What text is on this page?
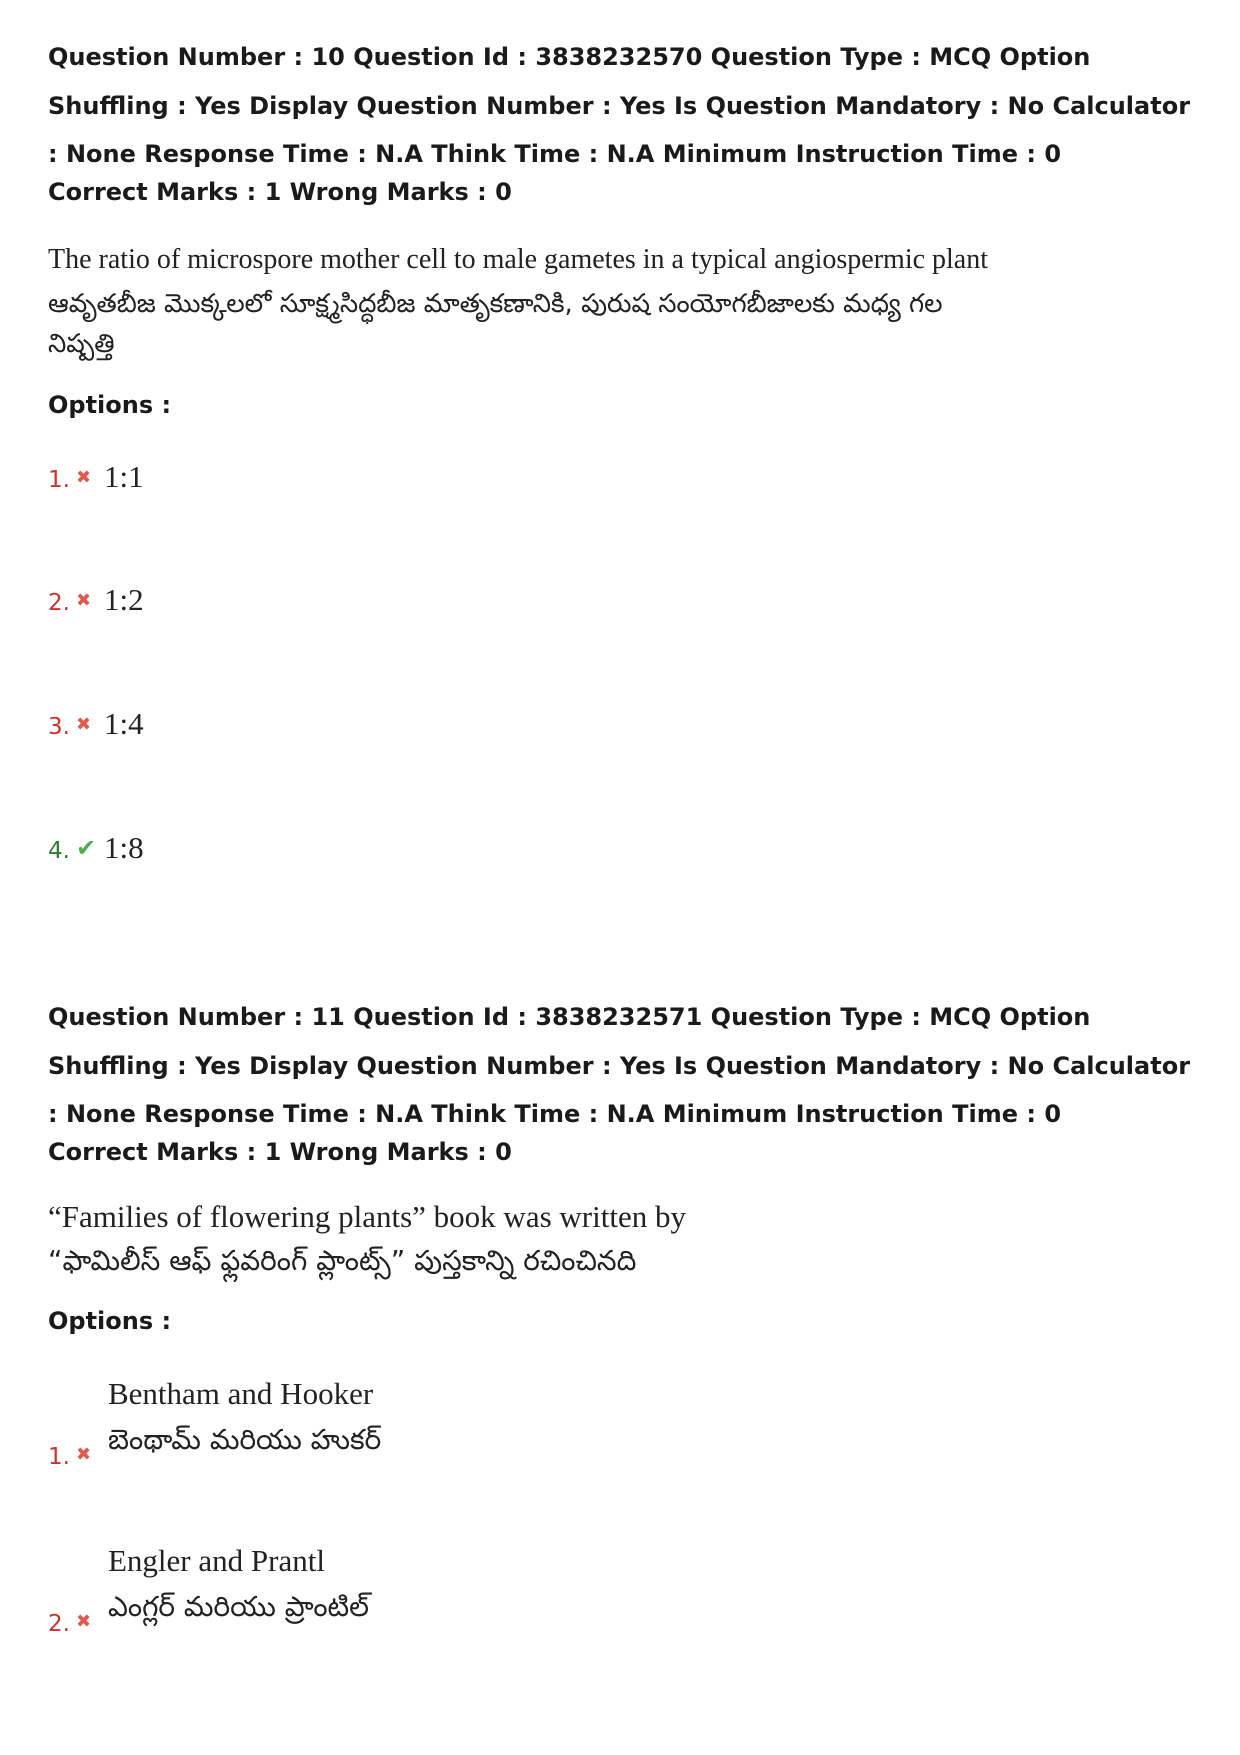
Question Number : 10 Question Id : 3838232570 Question Type : MCQ Option Shuffling : Yes Display Question Number : Yes Is Question Mandatory : No Calculator : None Response Time : N.A Think Time : N.A Minimum Instruction Time : 0

Correct Marks : 1 Wrong Marks : 0
The ratio of microspore mother cell to male gametes in a typical angiospermic plant
ఆవృతబీజ మొక్కలలో సూక్ష్మసిద్ధబీజ మాతృకణానికి, పురుష సంయోగబీజాలకు మధ్య గల
నిష్పత్తి
Options :
1. ✖ 1:1
2. ✖ 1:2
3. ✖ 1:4
4. ✔ 1:8

Question Number : 11 Question Id : 3838232571 Question Type : MCQ Option Shuffling : Yes Display Question Number : Yes Is Question Mandatory : No Calculator : None Response Time : N.A Think Time : N.A Minimum Instruction Time : 0

Correct Marks : 1 Wrong Marks : 0
“Families of flowering plants” book was written by
“ఫామిలీస్ ఆఫ్ ఫ్లవరింగ్ ప్లాంట్స్” పుస్తకాన్ని రచించినది
Options :
1. ✖
Bentham and Hooker
బెంథామ్ మరియు హుకర్
2. ✖
Engler and Prantl
ఎంగ్లర్ మరియు ప్రాంటిల్
